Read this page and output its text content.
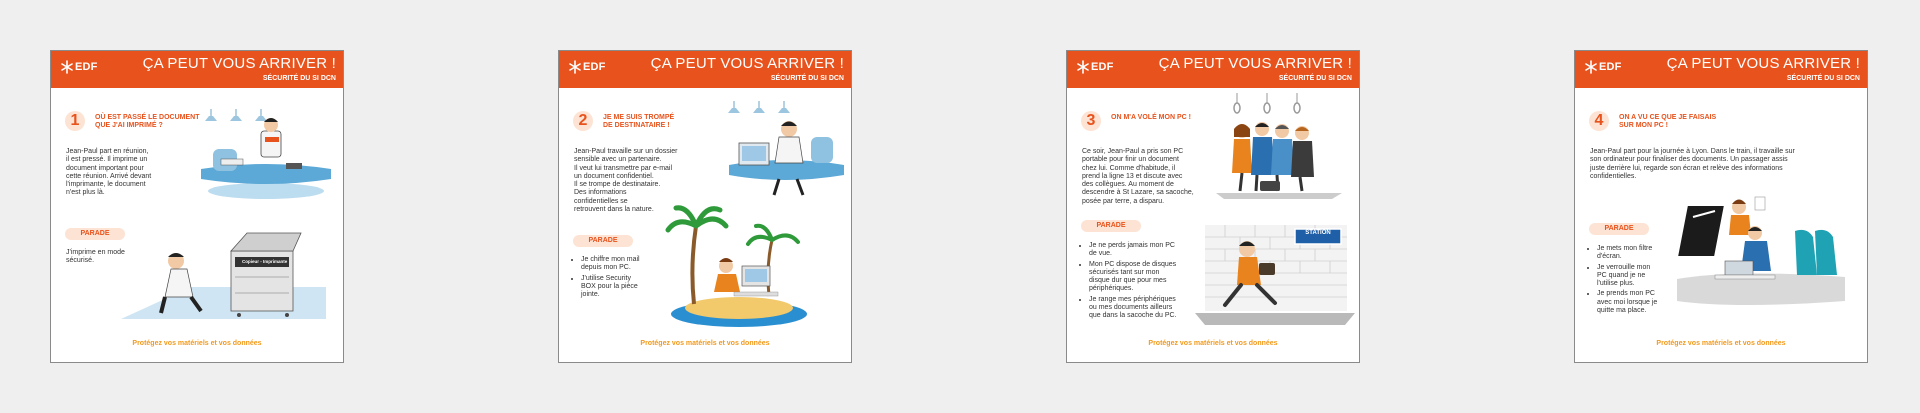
EDF	ÇA PEUT VOUS ARRIVER !
SÉCURITÉ DU SI DCN
1	OÙ EST PASSÉ LE DOCUMENT
QUE J'AI IMPRIMÉ ?
Jean-Paul part en réunion,
il est pressé. Il imprime un
document important pour
cette réunion. Arrivé devant
l'imprimante, le document
n'est plus là.
PARADE
J'imprime en mode
sécurisé.	Copieur - Imprimante
Protégez vos matériels et vos données
EDF	ÇA PEUT VOUS ARRIVER !
SÉCURITÉ DU SI DCN
2	JE ME SUIS TROMPÉ
DE DESTINATAIRE !
Jean-Paul travaille sur un dossier
sensible avec un partenaire.
Il veut lui transmettre par e-mail
un document confidentiel.
Il se trompe de destinataire.
Des informations
confidentielles se
retrouvent dans la nature.
PARADE
• Je chiffre mon mail
depuis mon PC.
• J'utilise Security
BOX pour la pièce
jointe.
Protégez vos matériels et vos données
EDF	ÇA PEUT VOUS ARRIVER !
SÉCURITÉ DU SI DCN
3	ON M'A VOLÉ MON PC !
Ce soir, Jean-Paul a pris son PC
portable pour finir un document
chez lui. Comme d'habitude, il
prend la ligne 13 et discute avec
des collègues. Au moment de
descendre à St Lazare, sa sacoche,
posée par terre, a disparu.
PARADE
• Je ne perds jamais mon PC
de vue.
• Mon PC dispose de disques
sécurisés tant sur mon
disque dur que pour mes
périphériques.
• Je range mes périphériques
ou mes documents ailleurs
que dans la sacoche du PC.
STATION
Protégez vos matériels et vos données
EDF	ÇA PEUT VOUS ARRIVER !
SÉCURITÉ DU SI DCN
4	ON A VU CE QUE JE FAISAIS
SUR MON PC !
Jean-Paul part pour la journée à Lyon. Dans le train, il travaille sur
son ordinateur pour finaliser des documents. Un passager assis
juste derrière lui, regarde son écran et relève des informations
confidentielles.
PARADE
• Je mets mon filtre
d'écran.
• Je verrouille mon
PC quand je ne
l'utilise plus.
• Je prends mon PC
avec moi lorsque je
quitte ma place.
Protégez vos matériels et vos données
